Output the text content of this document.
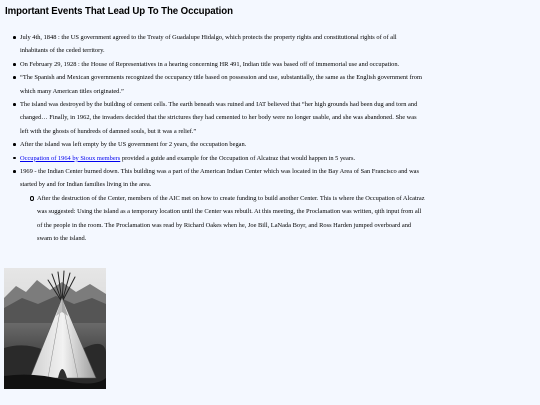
Important Events That Lead Up To The Occupation
July 4th, 1848 : the US government agreed to the Treaty of Guadalupe Hidalgo, which protects the property rights and constitutional rights of of all inhabitants of the ceded territory.
On February 29, 1928 : the House of Representatives in a hearing concerning HR 491, Indian title was based off of immemorial use and occupation.
“The Spanish and Mexican governments recognized the occupancy title based on possession and use, substantially, the same as the English government from which many American titles originated.”
The island was destroyed by the building of cement cells. The earth beneath was ruined and IAT believed that “her high grounds had been dug and torn and changed… Finally, in 1962, the invaders decided that the strictures they had cemented to her body were no longer usable, and she was abandoned. She was left with the ghosts of hundreds of damned souls, but it was a relief.”
After the island was left empty by the US government for 2 years, the occupation began.
Occupation of 1964 by Sioux members provided a guide and example for the Occupation of Alcatraz that would happen in 5 years.
1969 - the Indian Center burned down. This building was a part of the American Indian Center which was located in the Bay Area of San Francisco and was started by and for Indian families living in the area.
After the destruction of the Center, members of the AIC met on how to create funding to build another Center. This is where the Occupation of Alcatraz was suggested: Using the island as a temporary location until the Center was rebuilt. At this meeting, the Proclamation was written, qith input from all of the people in the room. The Proclamation was read by Richard Oakes when he, Joe Bill, LaNada Boyr, and Ross Harden jumped overboard and swam to the island.
